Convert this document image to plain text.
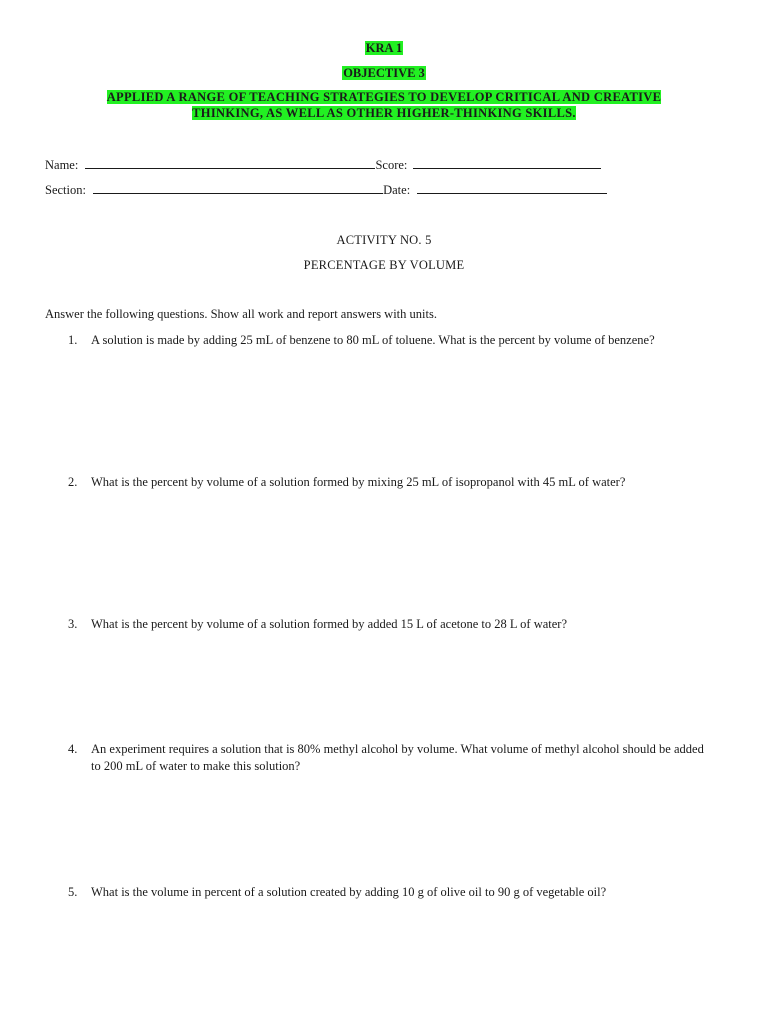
KRA 1
OBJECTIVE 3
APPLIED A RANGE OF TEACHING STRATEGIES TO DEVELOP CRITICAL AND CREATIVE
THINKING, AS WELL AS OTHER HIGHER-THINKING SKILLS.
Name:	Score:
Section:	Date:
ACTIVITY NO. 5
PERCENTAGE BY VOLUME
Answer the following questions. Show all work and report answers with units.
1. A solution is made by adding 25 mL of benzene to 80 mL of toluene. What is the percent by volume of benzene?
2. What is the percent by volume of a solution formed by mixing 25 mL of isopropanol with 45 mL of water?
3. What is the percent by volume of a solution formed by added 15 L of acetone to 28 L of water?
4. An experiment requires a solution that is 80% methyl alcohol by volume. What volume of methyl alcohol should be added to 200 mL of water to make this solution?
5. What is the volume in percent of a solution created by adding 10 g of olive oil to 90 g of vegetable oil?
